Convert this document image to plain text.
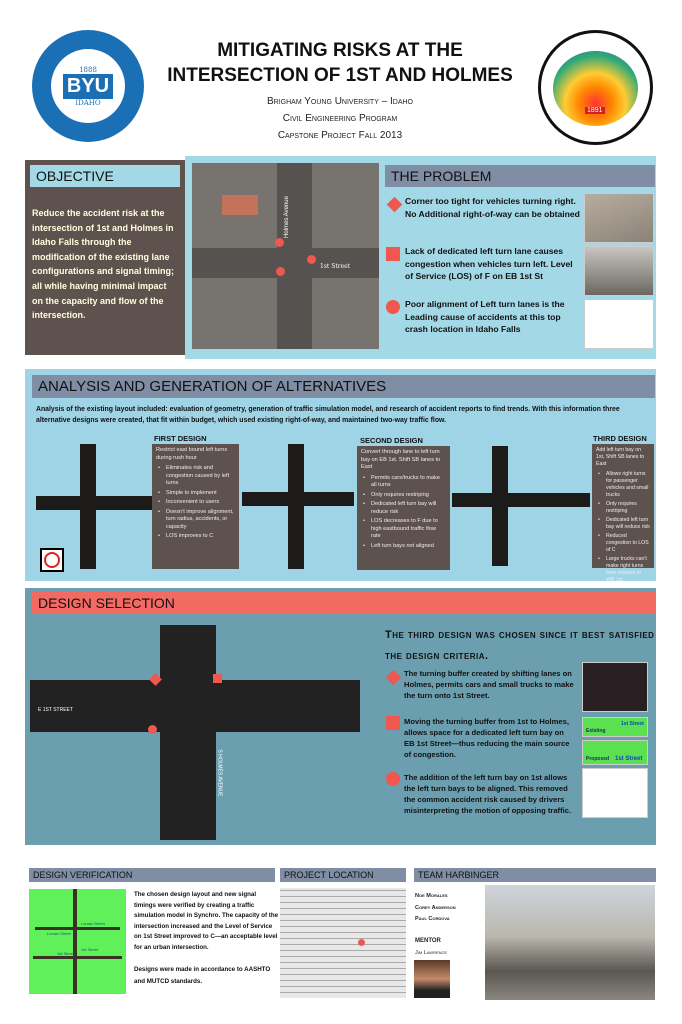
1888
BYU
IDAHO
MITIGATING RISKS AT THE
INTERSECTION OF 1ST AND HOLMES
Brigham Young University – Idaho
Civil Engineering Program
Capstone Project Fall 2013
1891
OBJECTIVE
Reduce the accident risk at the intersection of 1st and Holmes in Idaho Falls through the modification of the existing lane configurations and signal timing; all while having minimal impact on the capacity and flow of the intersection.
Holmes Avenue
1st Street
THE PROBLEM
Corner too tight for vehicles turning right. No Additional right-of-way can be obtained
Lack of dedicated left turn lane causes congestion when vehicles turn left. Level of Service (LOS) of F on EB 1st St
Poor alignment of Left turn lanes is the Leading cause of accidents at this top crash location in Idaho Falls
ANALYSIS AND GENERATION OF ALTERNATIVES
Analysis of the existing layout included: evaluation of geometry, generation of traffic simulation model, and research of accident reports to find trends. With this information three alternative designs were created, that fit within budget, which used existing right-of-way, and maintained two-way traffic flow.
FIRST DESIGN
Restrict east bound left turns during rush hour
• Eliminates risk and congestion caused by left turns
• Simple to implement
• Inconvenient to users
• Doesn't improve alignment, turn radius, accidents, or capacity
• LOS improves to C
SECOND DESIGN
Convert through lane to left turn bay on EB 1st. Shift SB lanes to East
• Permits cars/trucks to make all turns
• Only requires restriping
• Dedicated left turn bay will reduce risk
• LOS decreases to F due to high eastbound traffic flow rate
• Left turn bays not aligned
THIRD DESIGN
Add left turn bay on 1st, Shift SB lanes to East
• Allows right turns for passenger vehicles and small trucks
• Only requires restriping
• Dedicated left turn bay will reduce risk
• Reduced congestion to LOS of C
• Large trucks can't make right turns from Holmes to WB 1st
DESIGN SELECTION
E 1ST STREET
S HOLMES AVENUE
The third design was chosen since it best satisfied the design criteria.
The turning buffer created by shifting lanes on Holmes, permits cars and small trucks to make the turn onto 1st Street.
Moving the turning buffer from 1st to Holmes, allows space for a dedicated left turn bay on EB 1st Street—thus reducing the main source of congestion.
The addition of the left turn bay on 1st allows the left turn bays to be aligned. This removed the common accident risk caused by drivers misinterpreting the motion of opposing traffic.
Existing
1st Street
Proposed 1st Street
DESIGN VERIFICATION
Lomax Street
Lomax Street
1st Street
1st Street
The chosen design layout and new signal timings were verified by creating a traffic simulation model in Synchro. The capacity of the intersection increased and the Level of Service on 1st Street improved to C—an acceptable level for an urban intersection.
Designs were made in accordance to AASHTO and MUTCD standards.
PROJECT LOCATION	TEAM HARBINGER
Noe Morales
Corey Anderson
Paul Cordova
MENTOR
Jim Lawrence
